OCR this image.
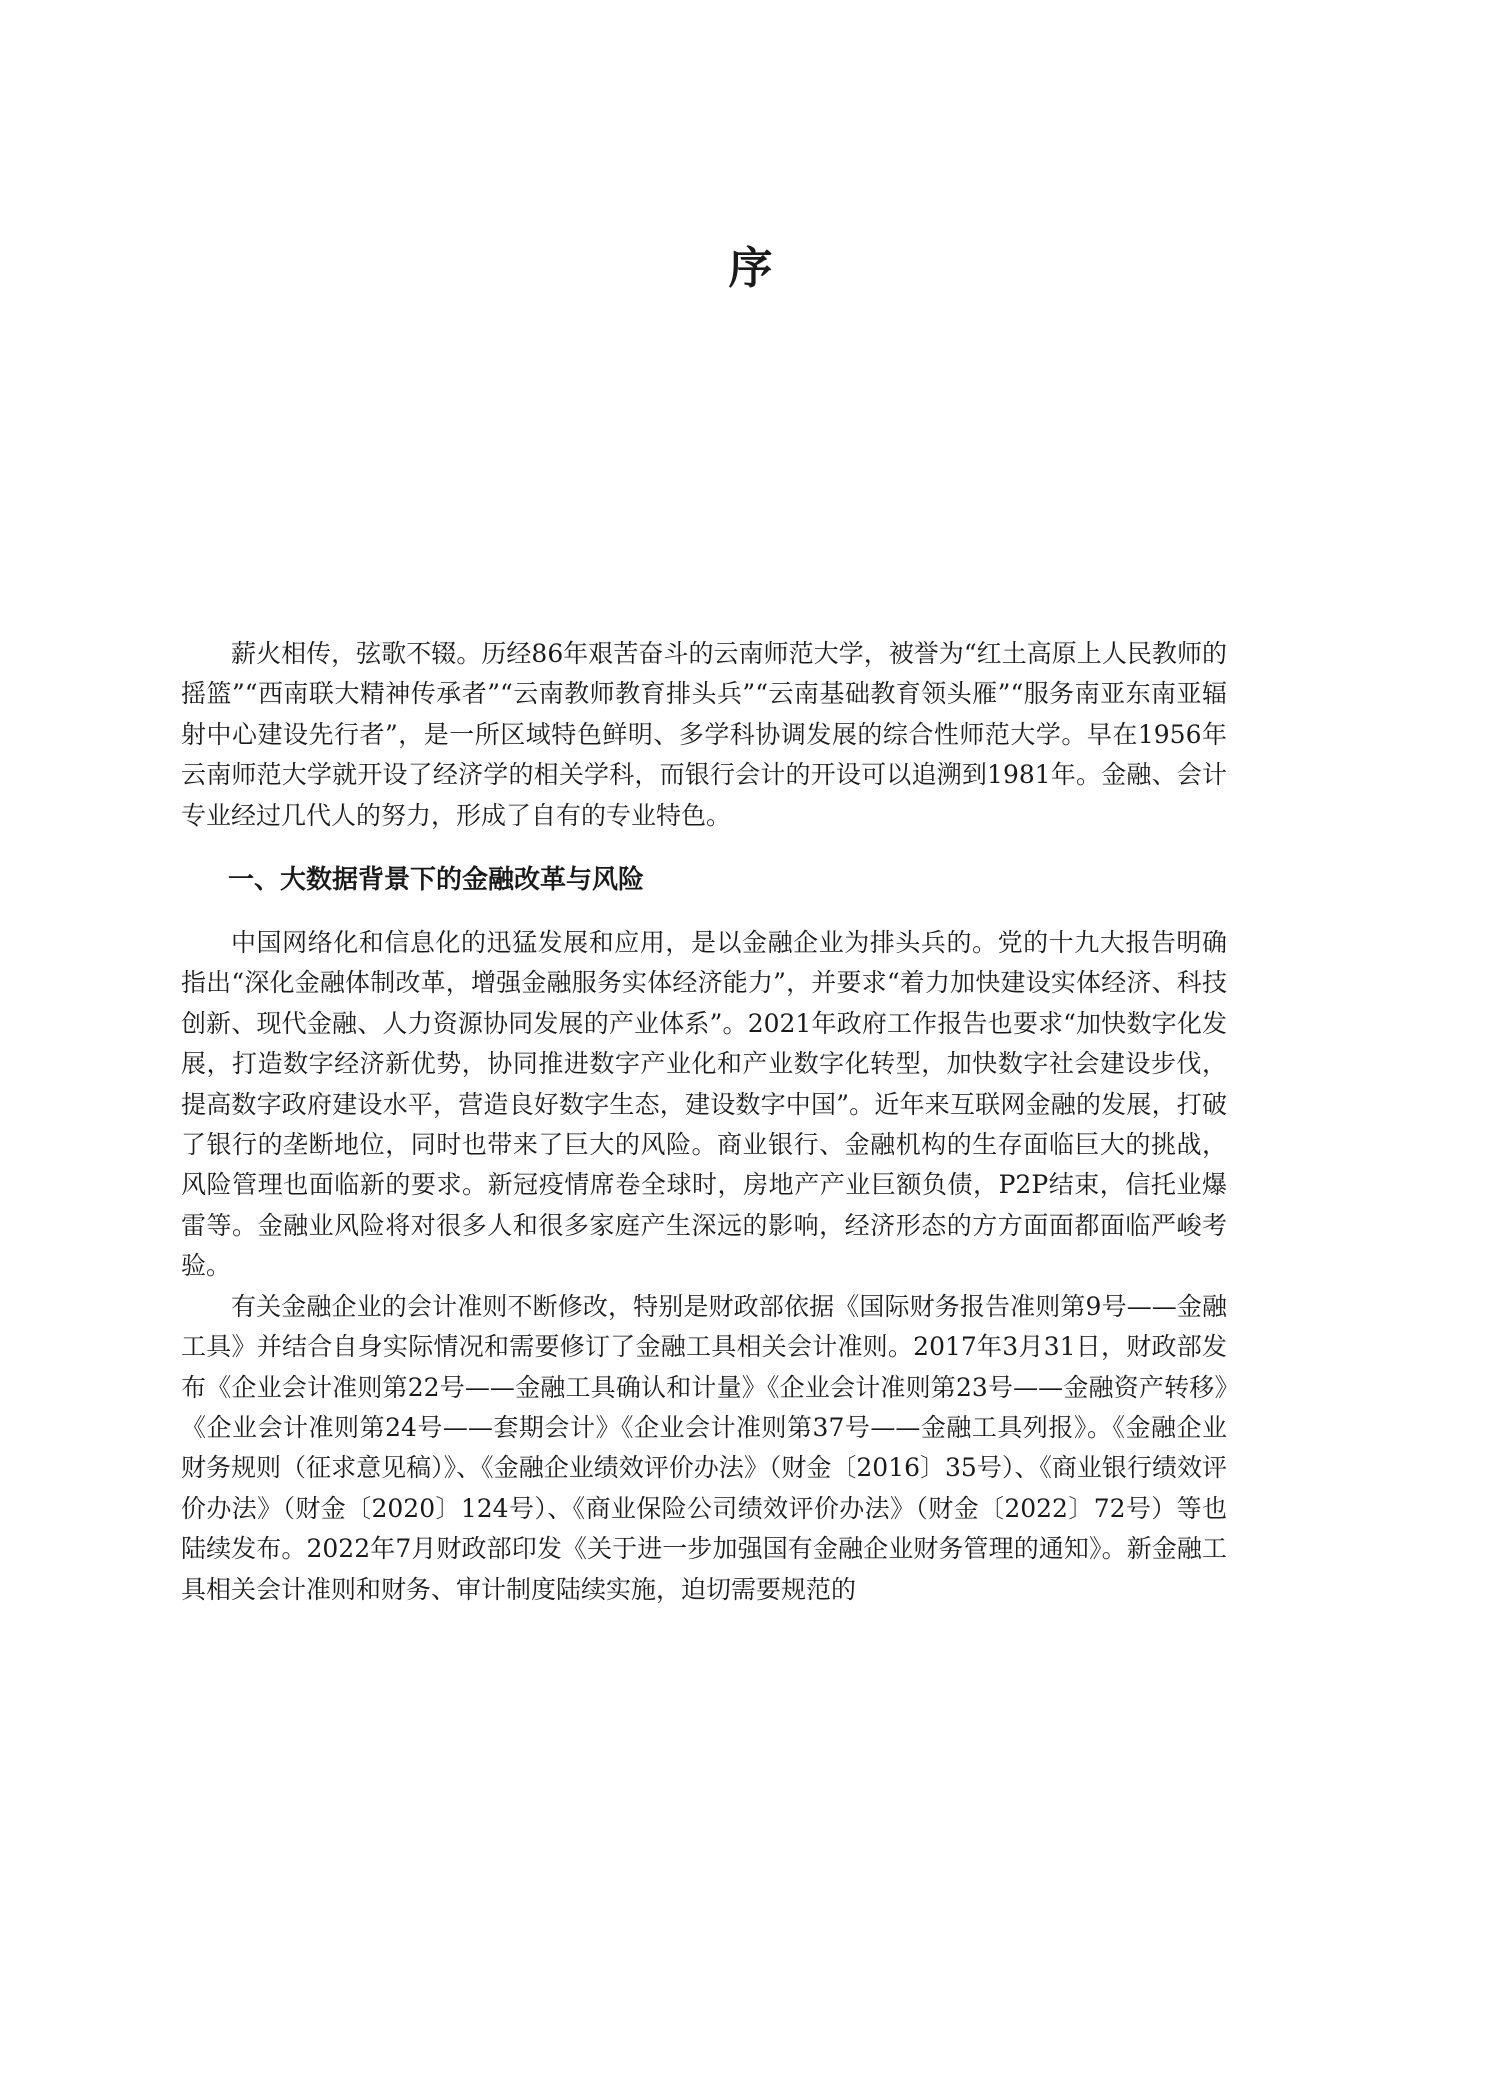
序

薪火相传，弦歌不辍。历经86年艰苦奋斗的云南师范大学，被誉为“红土高原上人民教师的摇篮”“西南联大精神传承者”“云南教师教育排头兵”“云南基础教育领头雁”“服务南亚东南亚辐射中心建设先行者”，是一所区域特色鲜明、多学科协调发展的综合性师范大学。早在1956年云南师范大学就开设了经济学的相关学科，而银行会计的开设可以追溯到1981年。金融、会计专业经过几代人的努力，形成了自有的专业特色。

一、大数据背景下的金融改革与风险

中国网络化和信息化的迅猛发展和应用，是以金融企业为排头兵的。党的十九大报告明确指出“深化金融体制改革，增强金融服务实体经济能力”，并要求“着力加快建设实体经济、科技创新、现代金融、人力资源协同发展的产业体系”。2021年政府工作报告也要求“加快数字化发展，打造数字经济新优势，协同推进数字产业化和产业数字化转型，加快数字社会建设步伐，提高数字政府建设水平，营造良好数字生态，建设数字中国”。近年来互联网金融的发展，打破了银行的垄断地位，同时也带来了巨大的风险。商业银行、金融机构的生存面临巨大的挑战，风险管理也面临新的要求。新冠疫情席卷全球时，房地产产业巨额负债，P2P结束，信托业爆雷等。金融业风险将对很多人和很多家庭产生深远的影响，经济形态的方方面面都面临严峻考验。

有关金融企业的会计准则不断修改，特别是财政部依据《国际财务报告准则第9号——金融工具》并结合自身实际情况和需要修订了金融工具相关会计准则。2017年3月31日，财政部发布《企业会计准则第22号——金融工具确认和计量》《企业会计准则第23号——金融资产转移》《企业会计准则第24号——套期会计》《企业会计准则第37号——金融工具列报》。《金融企业财务规则（征求意见稿）》、《金融企业绩效评价办法》（财金〔2016〕35号）、《商业银行绩效评价办法》（财金〔2020〕124号）、《商业保险公司绩效评价办法》（财金〔2022〕72号）等也陆续发布。2022年7月财政部印发《关于进一步加强国有金融企业财务管理的通知》。新金融工具相关会计准则和财务、审计制度陆续实施，迫切需要规范的
